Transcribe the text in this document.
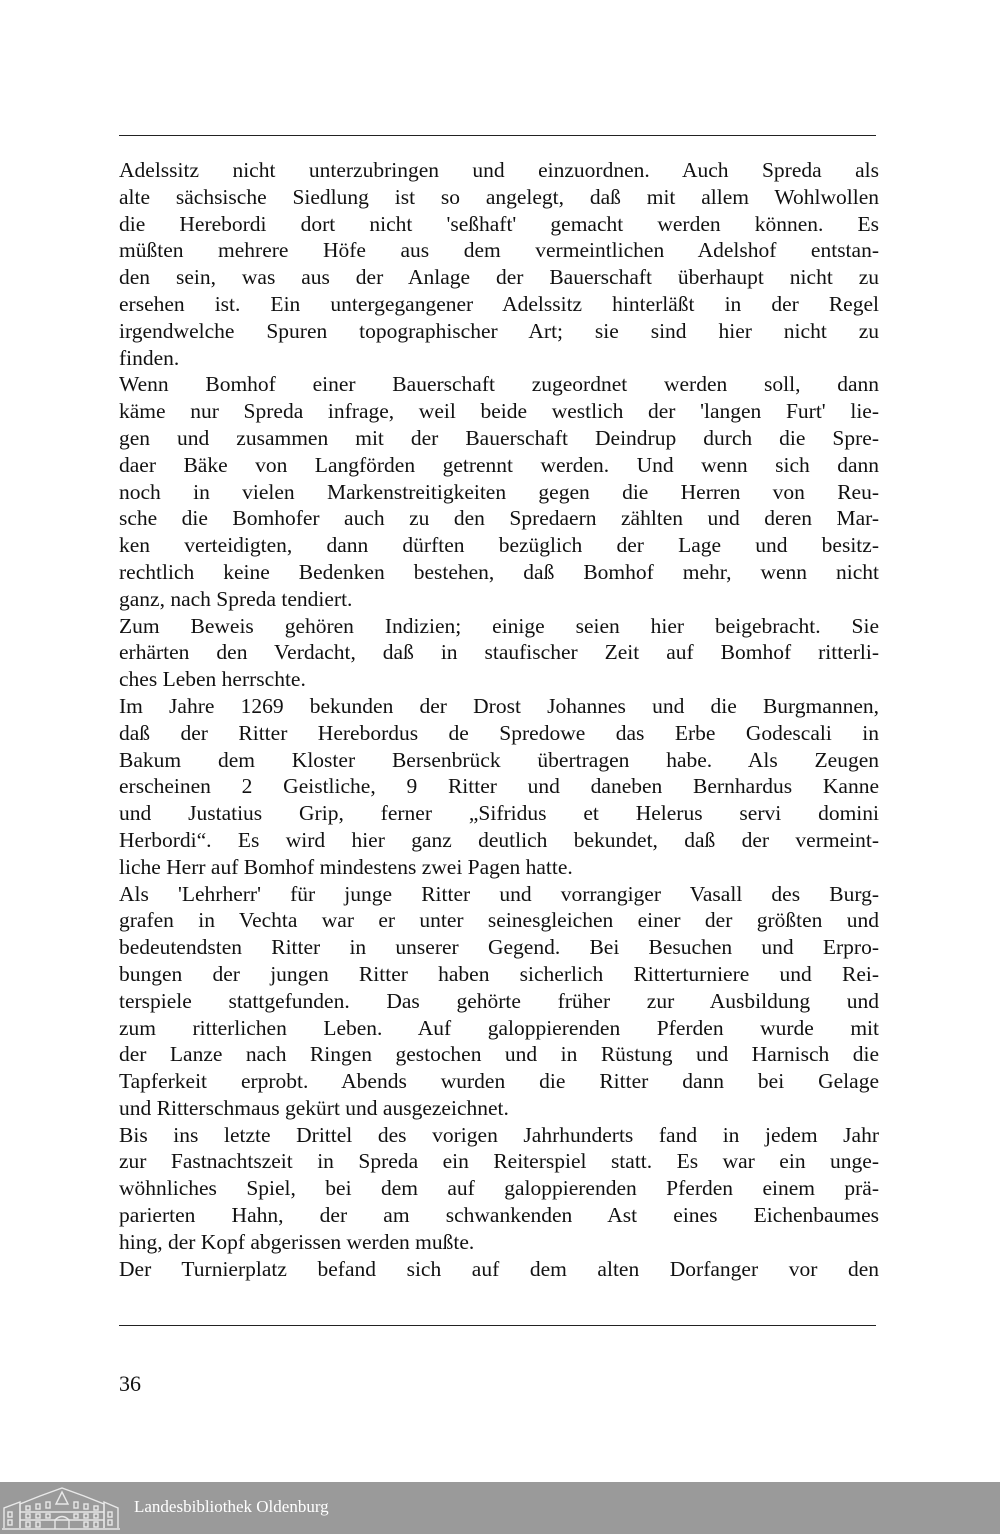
Adelssitz nicht unterzubringen und einzuordnen. Auch Spreda als
alte sächsische Siedlung ist so angelegt, daß mit allem Wohlwollen
die Herebordi dort nicht 'seßhaft' gemacht werden können. Es
müßten mehrere Höfe aus dem vermeintlichen Adelshof entstan-
den sein, was aus der Anlage der Bauerschaft überhaupt nicht zu
ersehen ist. Ein untergegangener Adelssitz hinterläßt in der Regel
irgendwelche Spuren topographischer Art; sie sind hier nicht zu
finden.
Wenn Bomhof einer Bauerschaft zugeordnet werden soll, dann
käme nur Spreda infrage, weil beide westlich der 'langen Furt' lie-
gen und zusammen mit der Bauerschaft Deindrup durch die Spre-
daer Bäke von Langförden getrennt werden. Und wenn sich dann
noch in vielen Markenstreitigkeiten gegen die Herren von Reu-
sche die Bomhofer auch zu den Spredaern zählten und deren Mar-
ken verteidigten, dann dürften bezüglich der Lage und besitz-
rechtlich keine Bedenken bestehen, daß Bomhof mehr, wenn nicht
ganz, nach Spreda tendiert.
Zum Beweis gehören Indizien; einige seien hier beigebracht. Sie
erhärten den Verdacht, daß in staufischer Zeit auf Bomhof ritterli-
ches Leben herrschte.
Im Jahre 1269 bekunden der Drost Johannes und die Burgmannen,
daß der Ritter Herebordus de Spredowe das Erbe Godescali in
Bakum dem Kloster Bersenbrück übertragen habe. Als Zeugen
erscheinen 2 Geistliche, 9 Ritter und daneben Bernhardus Kanne
und Justatius Grip, ferner „Sifridus et Helerus servi domini
Herbordi“. Es wird hier ganz deutlich bekundet, daß der vermeint-
liche Herr auf Bomhof mindestens zwei Pagen hatte.
Als 'Lehrherr' für junge Ritter und vorrangiger Vasall des Burg-
grafen in Vechta war er unter seinesgleichen einer der größten und
bedeutendsten Ritter in unserer Gegend. Bei Besuchen und Erpro-
bungen der jungen Ritter haben sicherlich Ritterturniere und Rei-
terspiele stattgefunden. Das gehörte früher zur Ausbildung und
zum ritterlichen Leben. Auf galoppierenden Pferden wurde mit
der Lanze nach Ringen gestochen und in Rüstung und Harnisch die
Tapferkeit erprobt. Abends wurden die Ritter dann bei Gelage
und Ritterschmaus gekürt und ausgezeichnet.
Bis ins letzte Drittel des vorigen Jahrhunderts fand in jedem Jahr
zur Fastnachtszeit in Spreda ein Reiterspiel statt. Es war ein unge-
wöhnliches Spiel, bei dem auf galoppierenden Pferden einem prä-
parierten Hahn, der am schwankenden Ast eines Eichenbaumes
hing, der Kopf abgerissen werden mußte.
Der Turnierplatz befand sich auf dem alten Dorfanger vor den
36
Landesbibliothek Oldenburg
